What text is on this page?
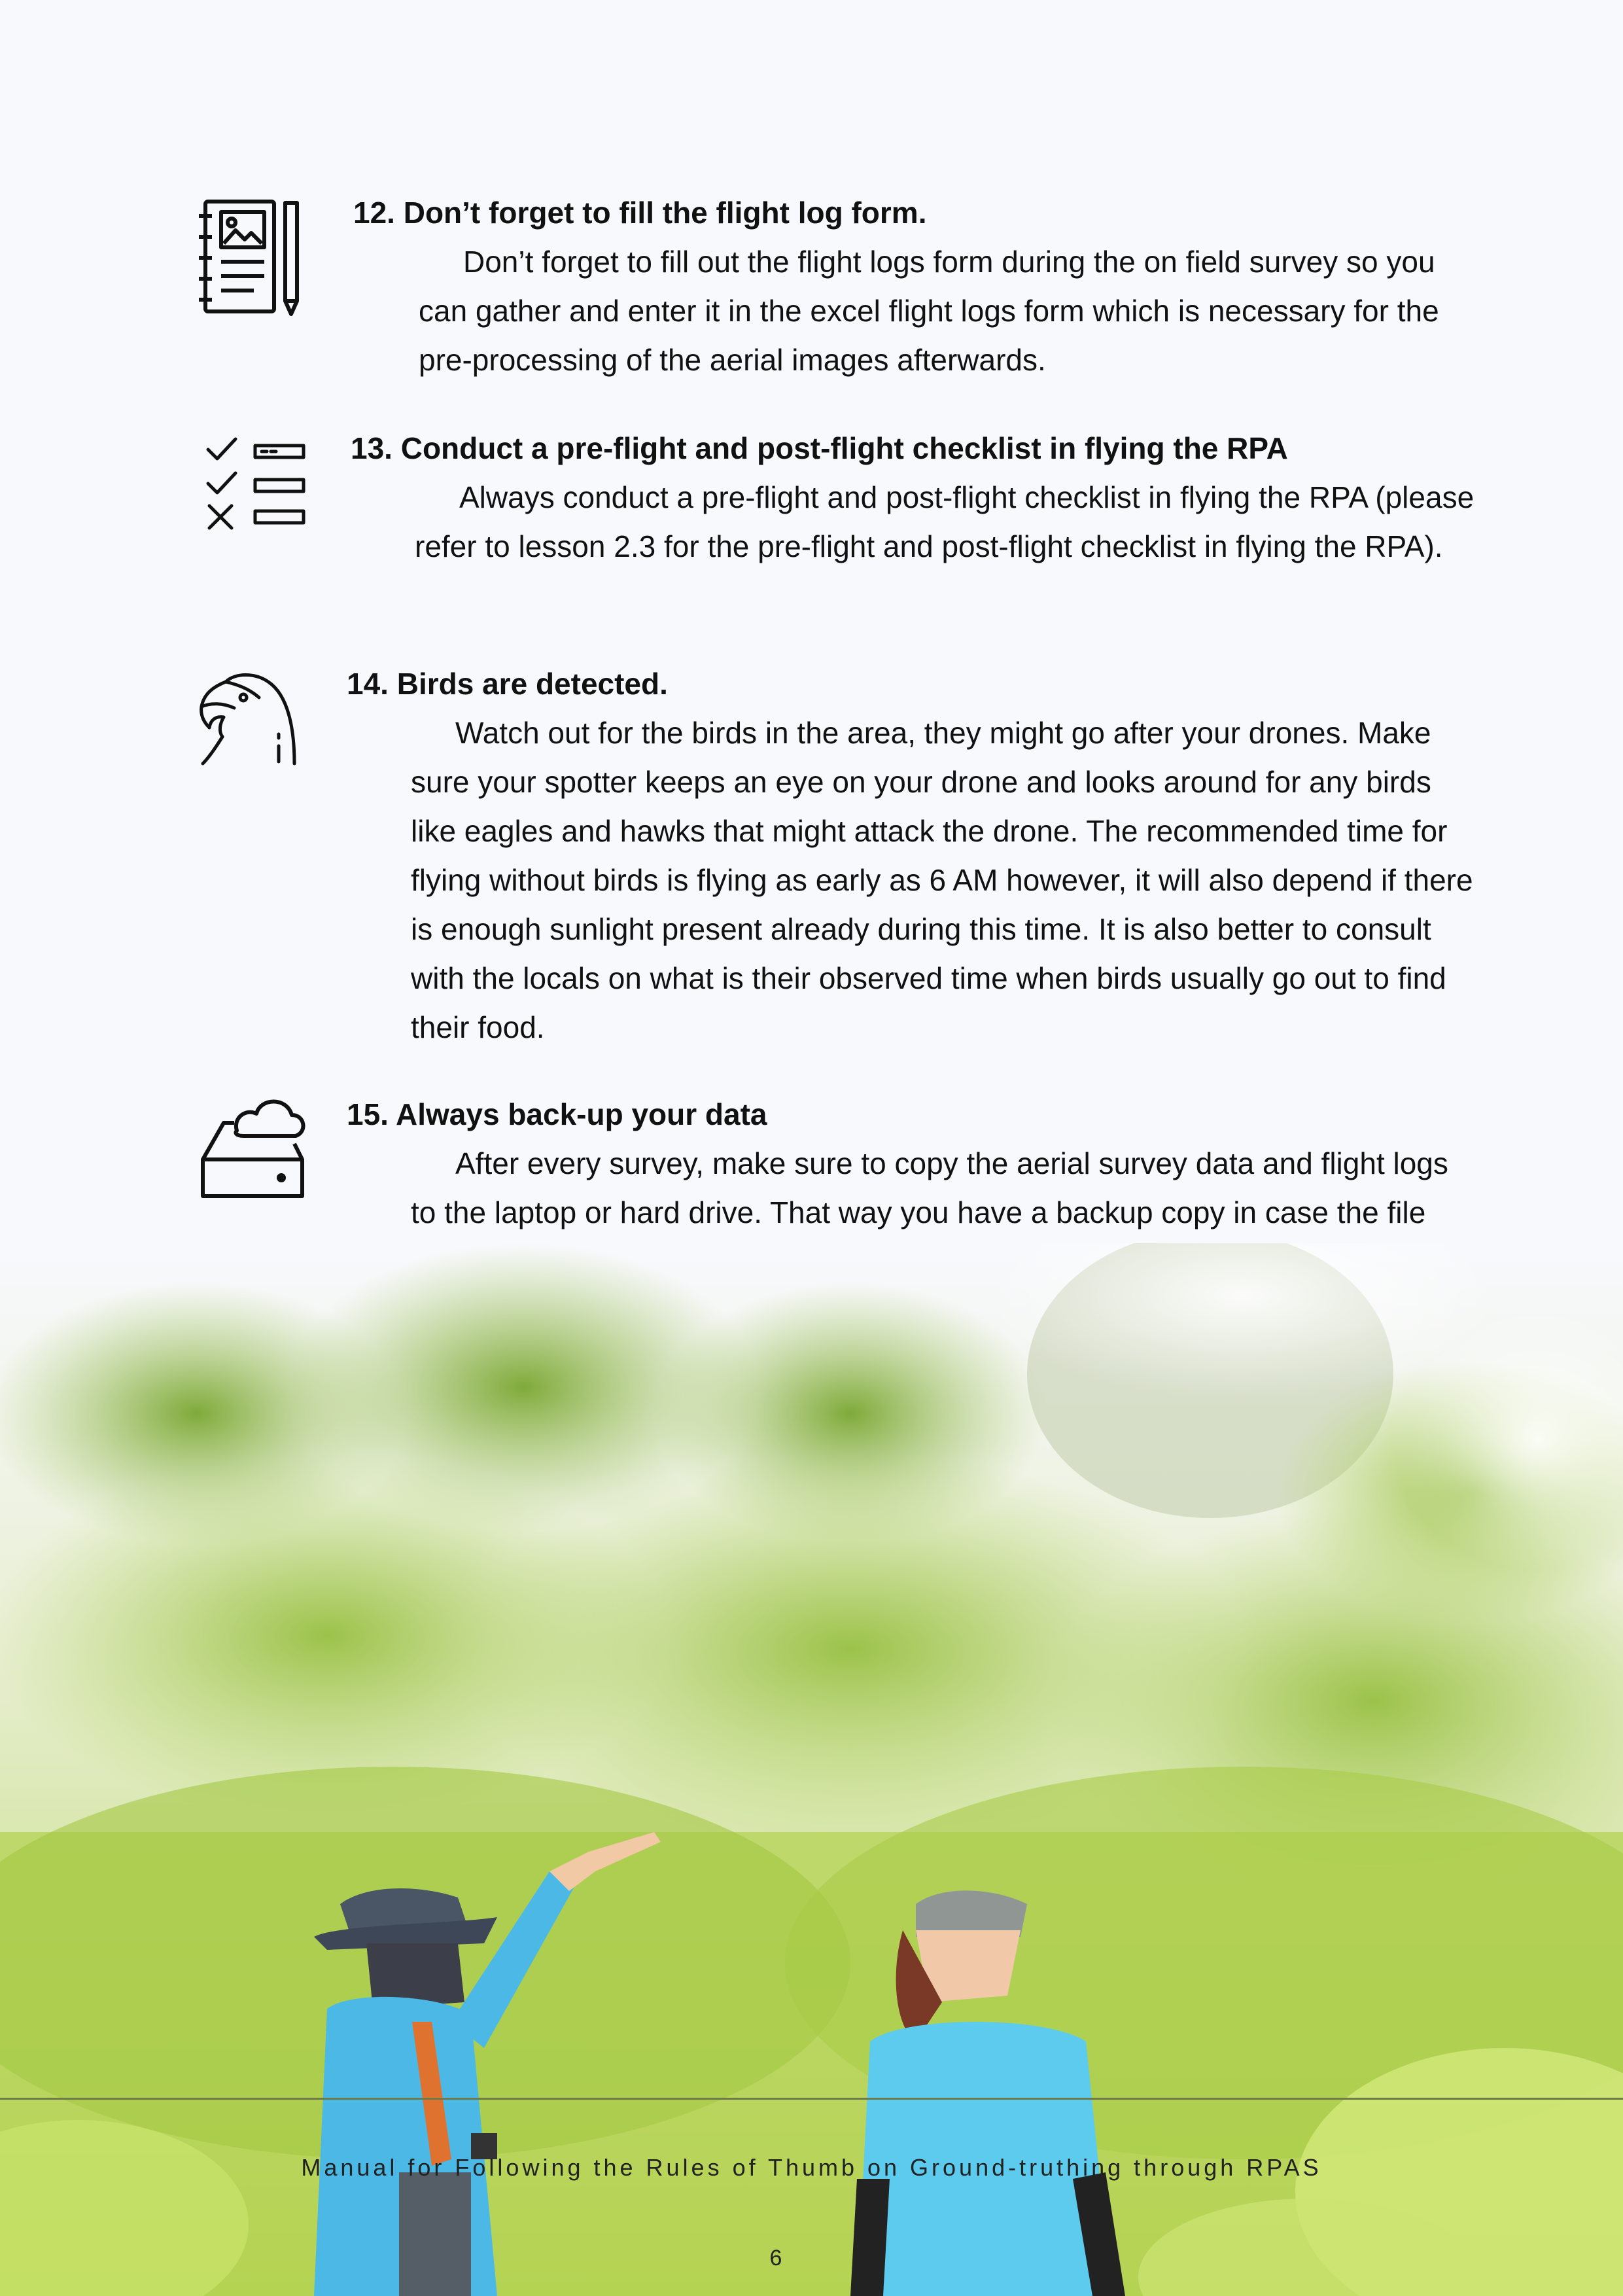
12. Don’t forget to fill the flight log form.

Don’t forget to fill out the flight logs form during the on field survey so you can gather and enter it in the excel flight logs form which is necessary for the pre-processing of the aerial images afterwards.

13. Conduct a pre-flight and post-flight checklist in flying the RPA

Always conduct a pre-flight and post-flight checklist in flying the RPA (please refer to lesson 2.3 for the pre-flight and post-flight checklist in flying the RPA).

14. Birds are detected.

Watch out for the birds in the area, they might go after your drones. Make sure your spotter keeps an eye on your drone and looks around for any birds like eagles and hawks that might attack the drone. The recommended time for flying without birds is flying as early as 6 AM however, it will also depend if there is enough sunlight present already during this time. It is also better to consult with the locals on what is their observed time when birds usually go out to find their food.

15. Always back-up your data

After every survey, make sure to copy the aerial survey data and flight logs to the laptop or hard drive. That way you have a backup copy in case the file

Manual for Following the Rules of Thumb on Ground-truthing through RPAS
6
